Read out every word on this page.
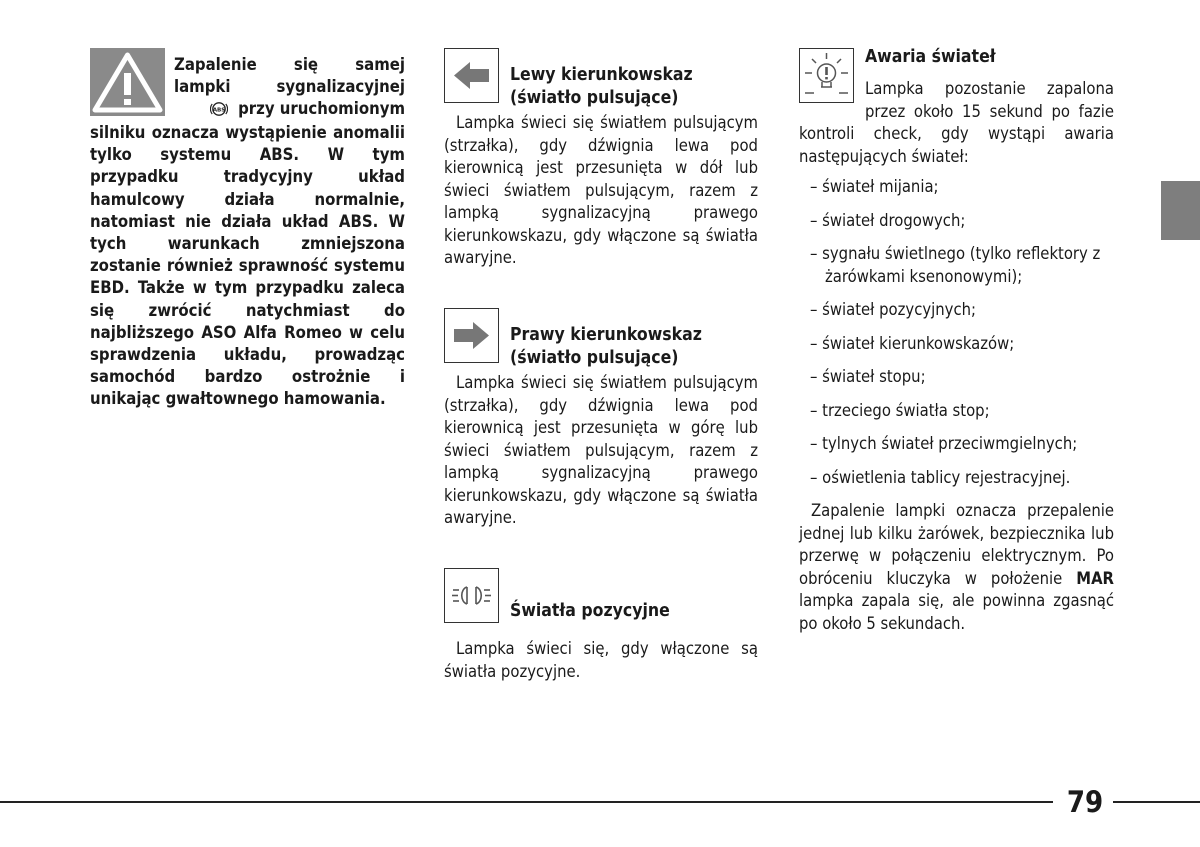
Zapalenie się samej
lampki sygnalizacyjnej
ABS przy uruchomionym
silniku oznacza wystąpienie anomalii tylko systemu ABS. W tym przypadku tradycyjny układ hamulcowy działa normalnie, natomiast nie działa układ ABS. W tych warunkach zmniejszona zostanie również sprawność systemu EBD. Także w tym przypadku zaleca się zwrócić natychmiast do najbliższego ASO Alfa Romeo w celu sprawdzenia układu, prowadząc samochód bardzo ostrożnie i unikając gwałtownego hamowania.
Lewy kierunkowskaz
(światło pulsujące)
Lampka świeci się światłem pulsującym (strzałka), gdy dźwignia lewa pod kierownicą jest przesunięta w dół lub świeci światłem pulsującym, razem z lampką sygnalizacyjną prawego kierunkowskazu, gdy włączone są światła awaryjne.
Prawy kierunkowskaz
(światło pulsujące)
Lampka świeci się światłem pulsującym (strzałka), gdy dźwignia lewa pod kierownicą jest przesunięta w górę lub świeci światłem pulsującym, razem z lampką sygnalizacyjną prawego kierunkowskazu, gdy włączone są światła awaryjne.
Światła pozycyjne
Lampka świeci się, gdy włączone są światła pozycyjne.
Awaria świateł
Lampka pozostanie zapalona
przez około 15 sekund po fazie
kontroli check, gdy wystąpi awaria następujących świateł:
– świateł mijania;
– świateł drogowych;
– sygnału świetlnego (tylko reflektory z żarówkami ksenonowymi);
– świateł pozycyjnych;
– świateł kierunkowskazów;
– świateł stopu;
– trzeciego światła stop;
– tylnych świateł przeciwmgielnych;
– oświetlenia tablicy rejestracyjnej.
Zapalenie lampki oznacza przepalenie jednej lub kilku żarówek, bezpiecznika lub przerwę w połączeniu elektrycznym. Po obróceniu kluczyka w położenie MAR lampka zapala się, ale powinna zgasnąć po około 5 sekundach.
79
